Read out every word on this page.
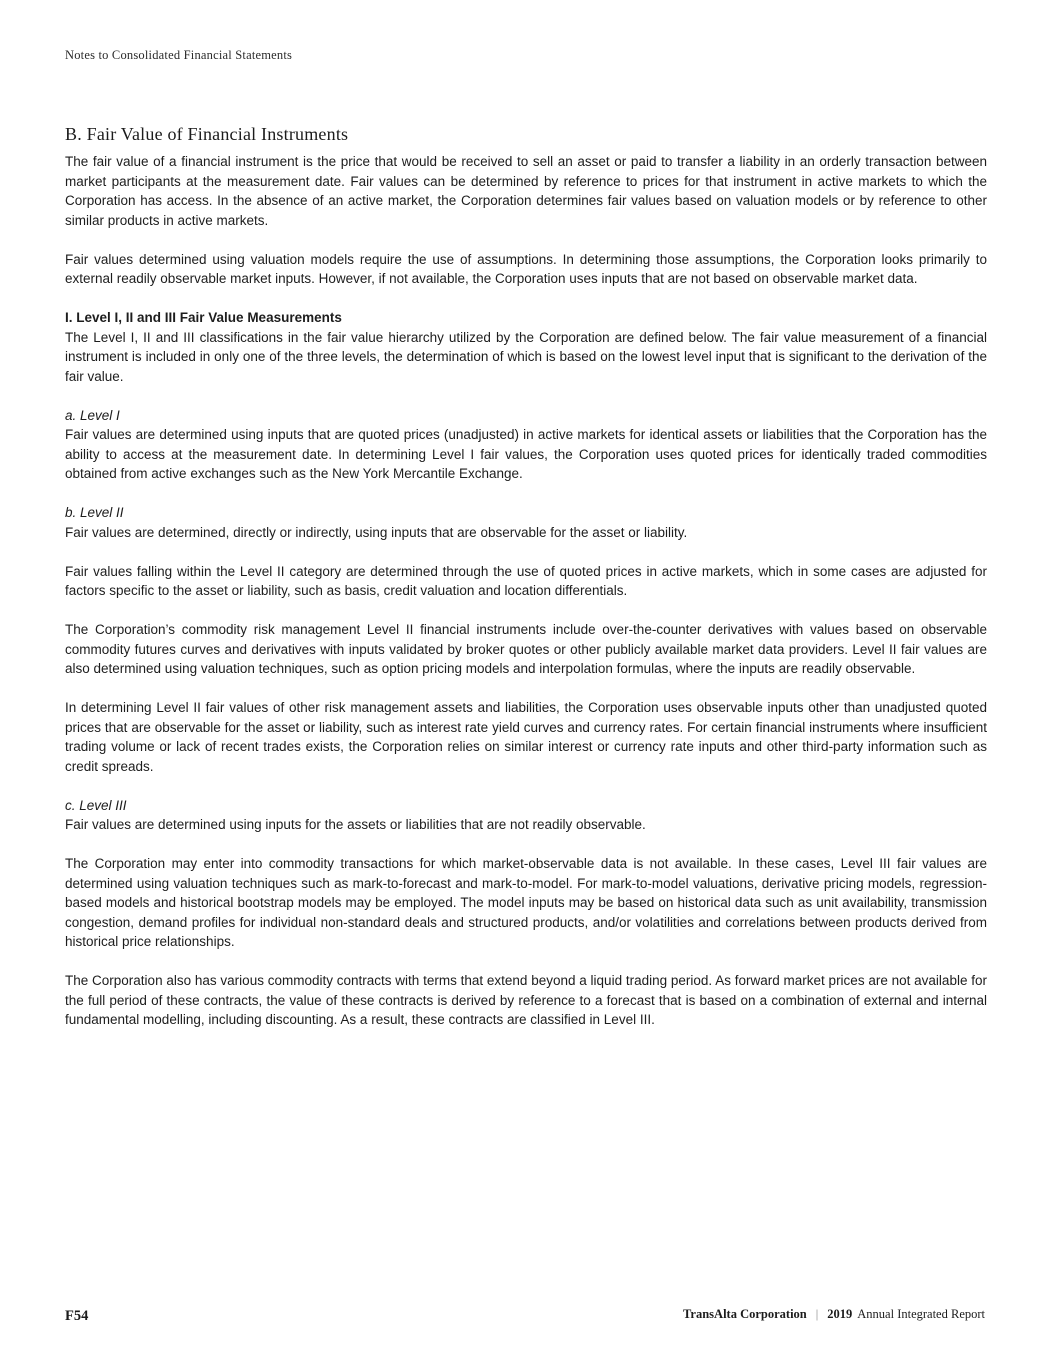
Notes to Consolidated Financial Statements
B. Fair Value of Financial Instruments

The fair value of a financial instrument is the price that would be received to sell an asset or paid to transfer a liability in an orderly transaction between market participants at the measurement date. Fair values can be determined by reference to prices for that instrument in active markets to which the Corporation has access. In the absence of an active market, the Corporation determines fair values based on valuation models or by reference to other similar products in active markets.

Fair values determined using valuation models require the use of assumptions. In determining those assumptions, the Corporation looks primarily to external readily observable market inputs. However, if not available, the Corporation uses inputs that are not based on observable market data.

I. Level I, II and III Fair Value Measurements

The Level I, II and III classifications in the fair value hierarchy utilized by the Corporation are defined below. The fair value measurement of a financial instrument is included in only one of the three levels, the determination of which is based on the lowest level input that is significant to the derivation of the fair value.

a. Level I

Fair values are determined using inputs that are quoted prices (unadjusted) in active markets for identical assets or liabilities that the Corporation has the ability to access at the measurement date. In determining Level I fair values, the Corporation uses quoted prices for identically traded commodities obtained from active exchanges such as the New York Mercantile Exchange.

b. Level II

Fair values are determined, directly or indirectly, using inputs that are observable for the asset or liability.

Fair values falling within the Level II category are determined through the use of quoted prices in active markets, which in some cases are adjusted for factors specific to the asset or liability, such as basis, credit valuation and location differentials.

The Corporation’s commodity risk management Level II financial instruments include over-the-counter derivatives with values based on observable commodity futures curves and derivatives with inputs validated by broker quotes or other publicly available market data providers. Level II fair values are also determined using valuation techniques, such as option pricing models and interpolation formulas, where the inputs are readily observable.

In determining Level II fair values of other risk management assets and liabilities, the Corporation uses observable inputs other than unadjusted quoted prices that are observable for the asset or liability, such as interest rate yield curves and currency rates. For certain financial instruments where insufficient trading volume or lack of recent trades exists, the Corporation relies on similar interest or currency rate inputs and other third-party information such as credit spreads.

c. Level III

Fair values are determined using inputs for the assets or liabilities that are not readily observable.

The Corporation may enter into commodity transactions for which market-observable data is not available. In these cases, Level III fair values are determined using valuation techniques such as mark-to-forecast and mark-to-model. For mark-to-model valuations, derivative pricing models, regression-based models and historical bootstrap models may be employed. The model inputs may be based on historical data such as unit availability, transmission congestion, demand profiles for individual non-standard deals and structured products, and/or volatilities and correlations between products derived from historical price relationships.

The Corporation also has various commodity contracts with terms that extend beyond a liquid trading period. As forward market prices are not available for the full period of these contracts, the value of these contracts is derived by reference to a forecast that is based on a combination of external and internal fundamental modelling, including discounting. As a result, these contracts are classified in Level III.

F54	TransAlta Corporation | 2019 Annual Integrated Report
